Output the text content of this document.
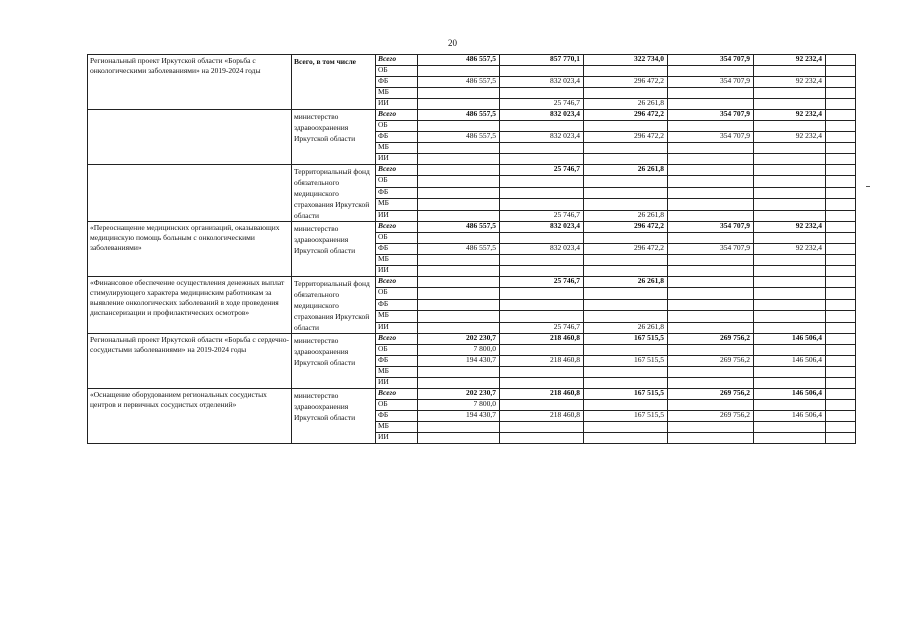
20
Региональный проект Иркутской области «Борьба с онкологическими заболеваниями» на 2019-2024 годы	Всего, в том числе	Всего	486 557,5	857 770,1	322 734,0	354 707,9	92 232,4	
		ОБ						
		ФБ	486 557,5	832 023,4	296 472,2	354 707,9	92 232,4	
		МБ						
		ИИ		25 746,7	26 261,8			
	министерство здравоохранения Иркутской области	Всего	486 557,5	832 023,4	296 472,2	354 707,9	92 232,4	
		ОБ						
		ФБ	486 557,5	832 023,4	296 472,2	354 707,9	92 232,4	
		МБ						
		ИИ						
	Территориальный фонд обязательного медицинского страхования Иркутской области	Всего		25 746,7	26 261,8			
		ОБ						
		ФБ						
		МБ						
		ИИ		25 746,7	26 261,8			
«Переоснащение медицинских организаций, оказывающих медицинскую помощь больным с онкологическими заболеваниями»	министерство здравоохранения Иркутской области	Всего	486 557,5	832 023,4	296 472,2	354 707,9	92 232,4	
		ОБ						
		ФБ	486 557,5	832 023,4	296 472,2	354 707,9	92 232,4	
		МБ						
		ИИ						
«Финансовое обеспечение осуществления денежных выплат стимулирующего характера медицинским работникам за выявление онкологических заболеваний в ходе проведения диспансеризации и профилактических осмотров»	Территориальный фонд обязательного медицинского страхования Иркутской области	Всего		25 746,7	26 261,8			
		ОБ						
		ФБ						
		МБ						
		ИИ		25 746,7	26 261,8			
Региональный проект Иркутской области «Борьба с сердечно-сосудистыми заболеваниями» на 2019-2024 годы	министерство здравоохранения Иркутской области	Всего	202 230,7	218 460,8	167 515,5	269 756,2	146 506,4	
		ОБ	7 800,0					
		ФБ	194 430,7	218 460,8	167 515,5	269 756,2	146 506,4	
		МБ						
		ИИ						
«Оснащение оборудованием региональных сосудистых центров и первичных сосудистых отделений»	министерство здравоохранения Иркутской области	Всего	202 230,7	218 460,8	167 515,5	269 756,2	146 506,4	
		ОБ	7 800,0					
		ФБ	194 430,7	218 460,8	167 515,5	269 756,2	146 506,4	
		МБ						
		ИИ						
